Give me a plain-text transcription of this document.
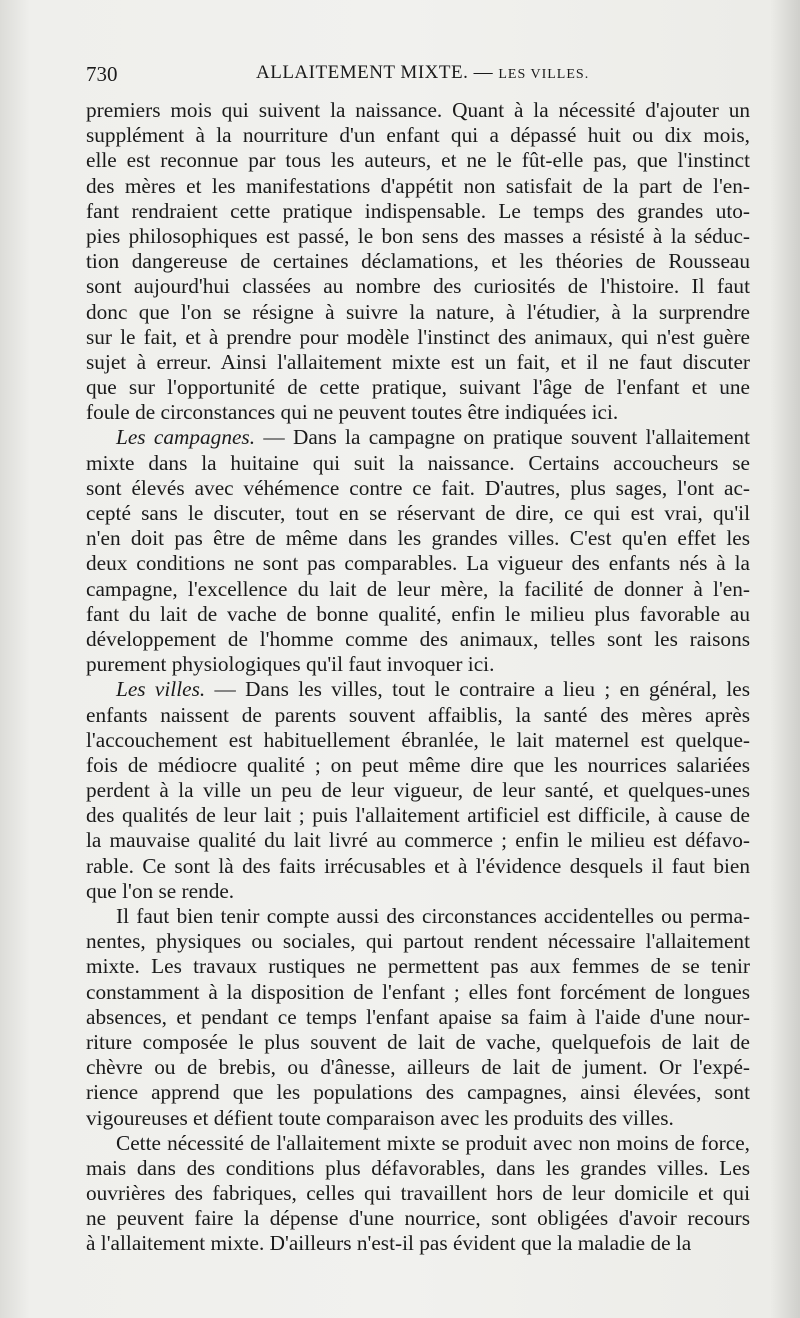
730	ALLAITEMENT MIXTE. — LES VILLES.
premiers mois qui suivent la naissance. Quant à la nécessité d'ajouter un
supplément à la nourriture d'un enfant qui a dépassé huit ou dix mois,
elle est reconnue par tous les auteurs, et ne le fût-elle pas, que l'instinct
des mères et les manifestations d'appétit non satisfait de la part de l'en-
fant rendraient cette pratique indispensable. Le temps des grandes uto-
pies philosophiques est passé, le bon sens des masses a résisté à la séduc-
tion dangereuse de certaines déclamations, et les théories de Rousseau
sont aujourd'hui classées au nombre des curiosités de l'histoire. Il faut
donc que l'on se résigne à suivre la nature, à l'étudier, à la surprendre
sur le fait, et à prendre pour modèle l'instinct des animaux, qui n'est guère
sujet à erreur. Ainsi l'allaitement mixte est un fait, et il ne faut discuter
que sur l'opportunité de cette pratique, suivant l'âge de l'enfant et une
foule de circonstances qui ne peuvent toutes être indiquées ici.
Les campagnes. — Dans la campagne on pratique souvent l'allaitement
mixte dans la huitaine qui suit la naissance. Certains accoucheurs se
sont élevés avec véhémence contre ce fait. D'autres, plus sages, l'ont ac-
cepté sans le discuter, tout en se réservant de dire, ce qui est vrai, qu'il
n'en doit pas être de même dans les grandes villes. C'est qu'en effet les
deux conditions ne sont pas comparables. La vigueur des enfants nés à la
campagne, l'excellence du lait de leur mère, la facilité de donner à l'en-
fant du lait de vache de bonne qualité, enfin le milieu plus favorable au
développement de l'homme comme des animaux, telles sont les raisons
purement physiologiques qu'il faut invoquer ici.
Les villes. — Dans les villes, tout le contraire a lieu ; en général, les
enfants naissent de parents souvent affaiblis, la santé des mères après
l'accouchement est habituellement ébranlée, le lait maternel est quelque-
fois de médiocre qualité ; on peut même dire que les nourrices salariées
perdent à la ville un peu de leur vigueur, de leur santé, et quelques-unes
des qualités de leur lait ; puis l'allaitement artificiel est difficile, à cause de
la mauvaise qualité du lait livré au commerce ; enfin le milieu est défavo-
rable. Ce sont là des faits irrécusables et à l'évidence desquels il faut bien
que l'on se rende.
Il faut bien tenir compte aussi des circonstances accidentelles ou perma-
nentes, physiques ou sociales, qui partout rendent nécessaire l'allaitement
mixte. Les travaux rustiques ne permettent pas aux femmes de se tenir
constamment à la disposition de l'enfant ; elles font forcément de longues
absences, et pendant ce temps l'enfant apaise sa faim à l'aide d'une nour-
riture composée le plus souvent de lait de vache, quelquefois de lait de
chèvre ou de brebis, ou d'ânesse, ailleurs de lait de jument. Or l'expé-
rience apprend que les populations des campagnes, ainsi élevées, sont
vigoureuses et défient toute comparaison avec les produits des villes.
Cette nécessité de l'allaitement mixte se produit avec non moins de force,
mais dans des conditions plus défavorables, dans les grandes villes. Les
ouvrières des fabriques, celles qui travaillent hors de leur domicile et qui
ne peuvent faire la dépense d'une nourrice, sont obligées d'avoir recours
à l'allaitement mixte. D'ailleurs n'est-il pas évident que la maladie de la
